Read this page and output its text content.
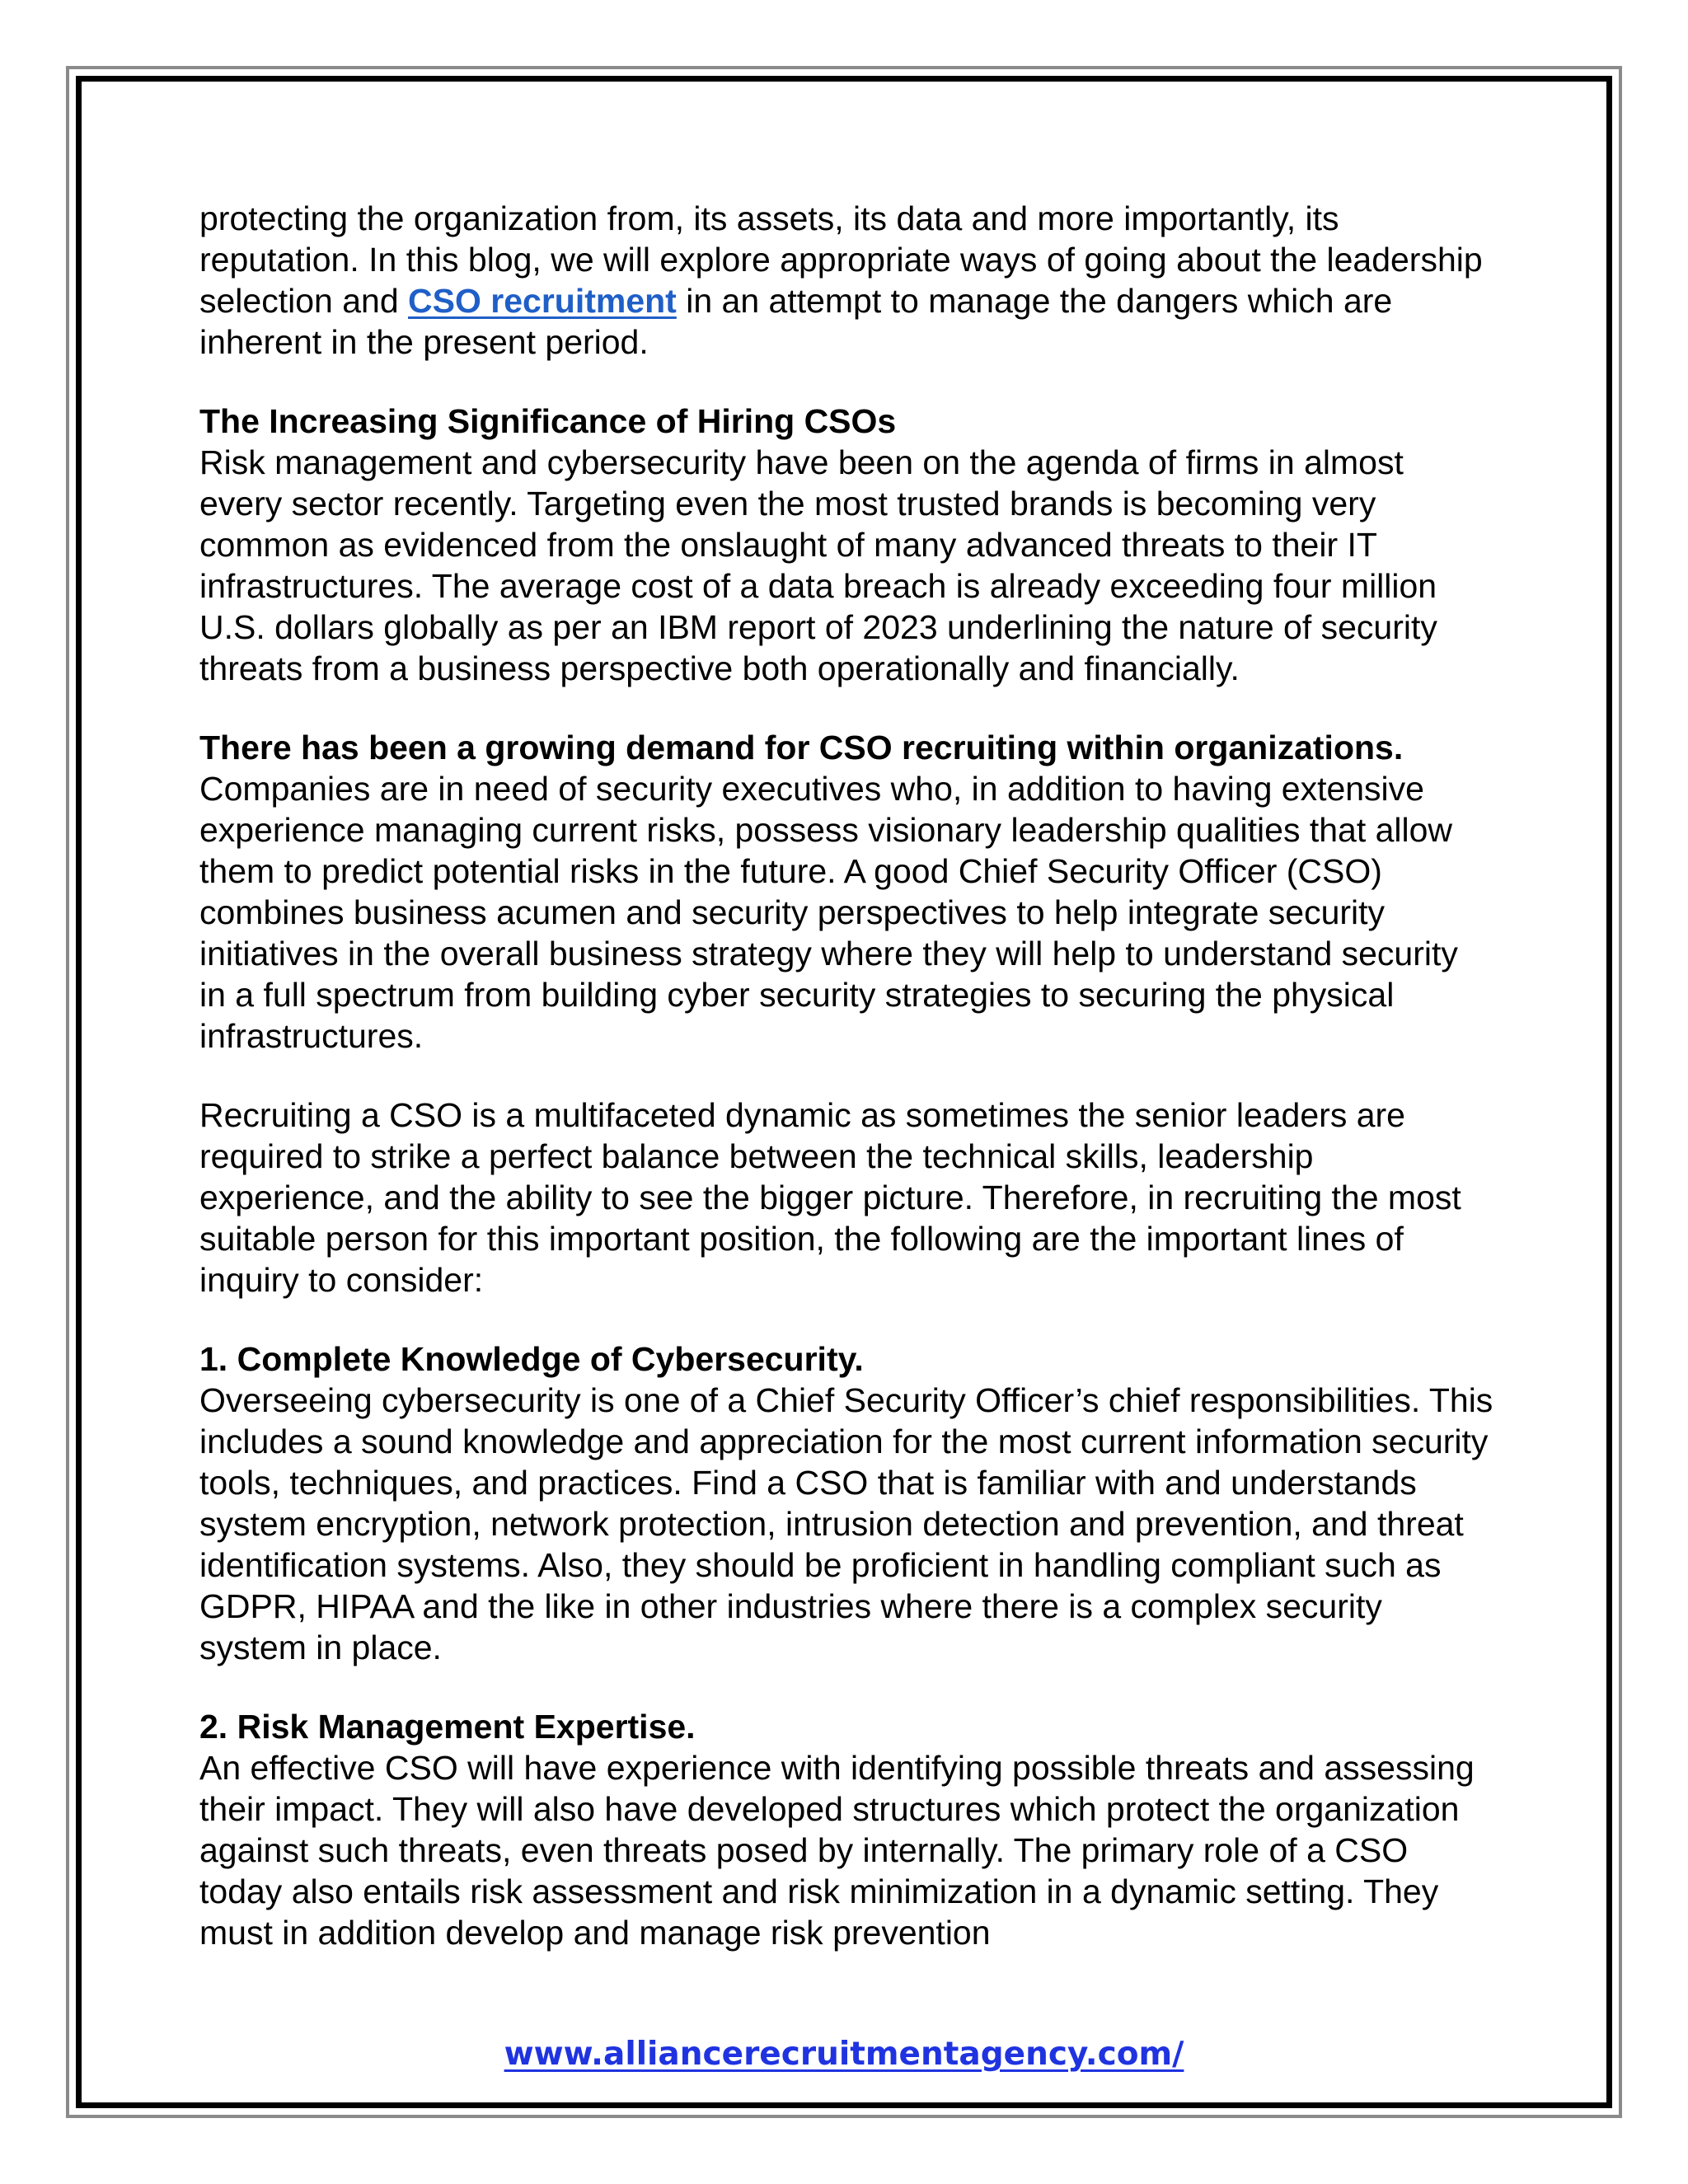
protecting the organization from, its assets, its data and more importantly, its reputation. In this blog, we will explore appropriate ways of going about the leadership selection and CSO recruitment in an attempt to manage the dangers which are inherent in the present period.

The Increasing Significance of Hiring CSOs
Risk management and cybersecurity have been on the agenda of firms in almost every sector recently. Targeting even the most trusted brands is becoming very common as evidenced from the onslaught of many advanced threats to their IT infrastructures. The average cost of a data breach is already exceeding four million U.S. dollars globally as per an IBM report of 2023 underlining the nature of security threats from a business perspective both operationally and financially.

There has been a growing demand for CSO recruiting within organizations.
Companies are in need of security executives who, in addition to having extensive experience managing current risks, possess visionary leadership qualities that allow them to predict potential risks in the future. A good Chief Security Officer (CSO) combines business acumen and security perspectives to help integrate security initiatives in the overall business strategy where they will help to understand security in a full spectrum from building cyber security strategies to securing the physical infrastructures.

Recruiting a CSO is a multifaceted dynamic as sometimes the senior leaders are required to strike a perfect balance between the technical skills, leadership experience, and the ability to see the bigger picture. Therefore, in recruiting the most suitable person for this important position, the following are the important lines of inquiry to consider:

1. Complete Knowledge of Cybersecurity.
Overseeing cybersecurity is one of a Chief Security Officer’s chief responsibilities. This includes a sound knowledge and appreciation for the most current information security tools, techniques, and practices. Find a CSO that is familiar with and understands system encryption, network protection, intrusion detection and prevention, and threat identification systems. Also, they should be proficient in handling compliant such as GDPR, HIPAA and the like in other industries where there is a complex security system in place.

2. Risk Management Expertise.
An effective CSO will have experience with identifying possible threats and assessing their impact. They will also have developed structures which protect the organization against such threats, even threats posed by internally. The primary role of a CSO today also entails risk assessment and risk minimization in a dynamic setting. They must in addition develop and manage risk prevention

www.alliancerecruitmentagency.com/
